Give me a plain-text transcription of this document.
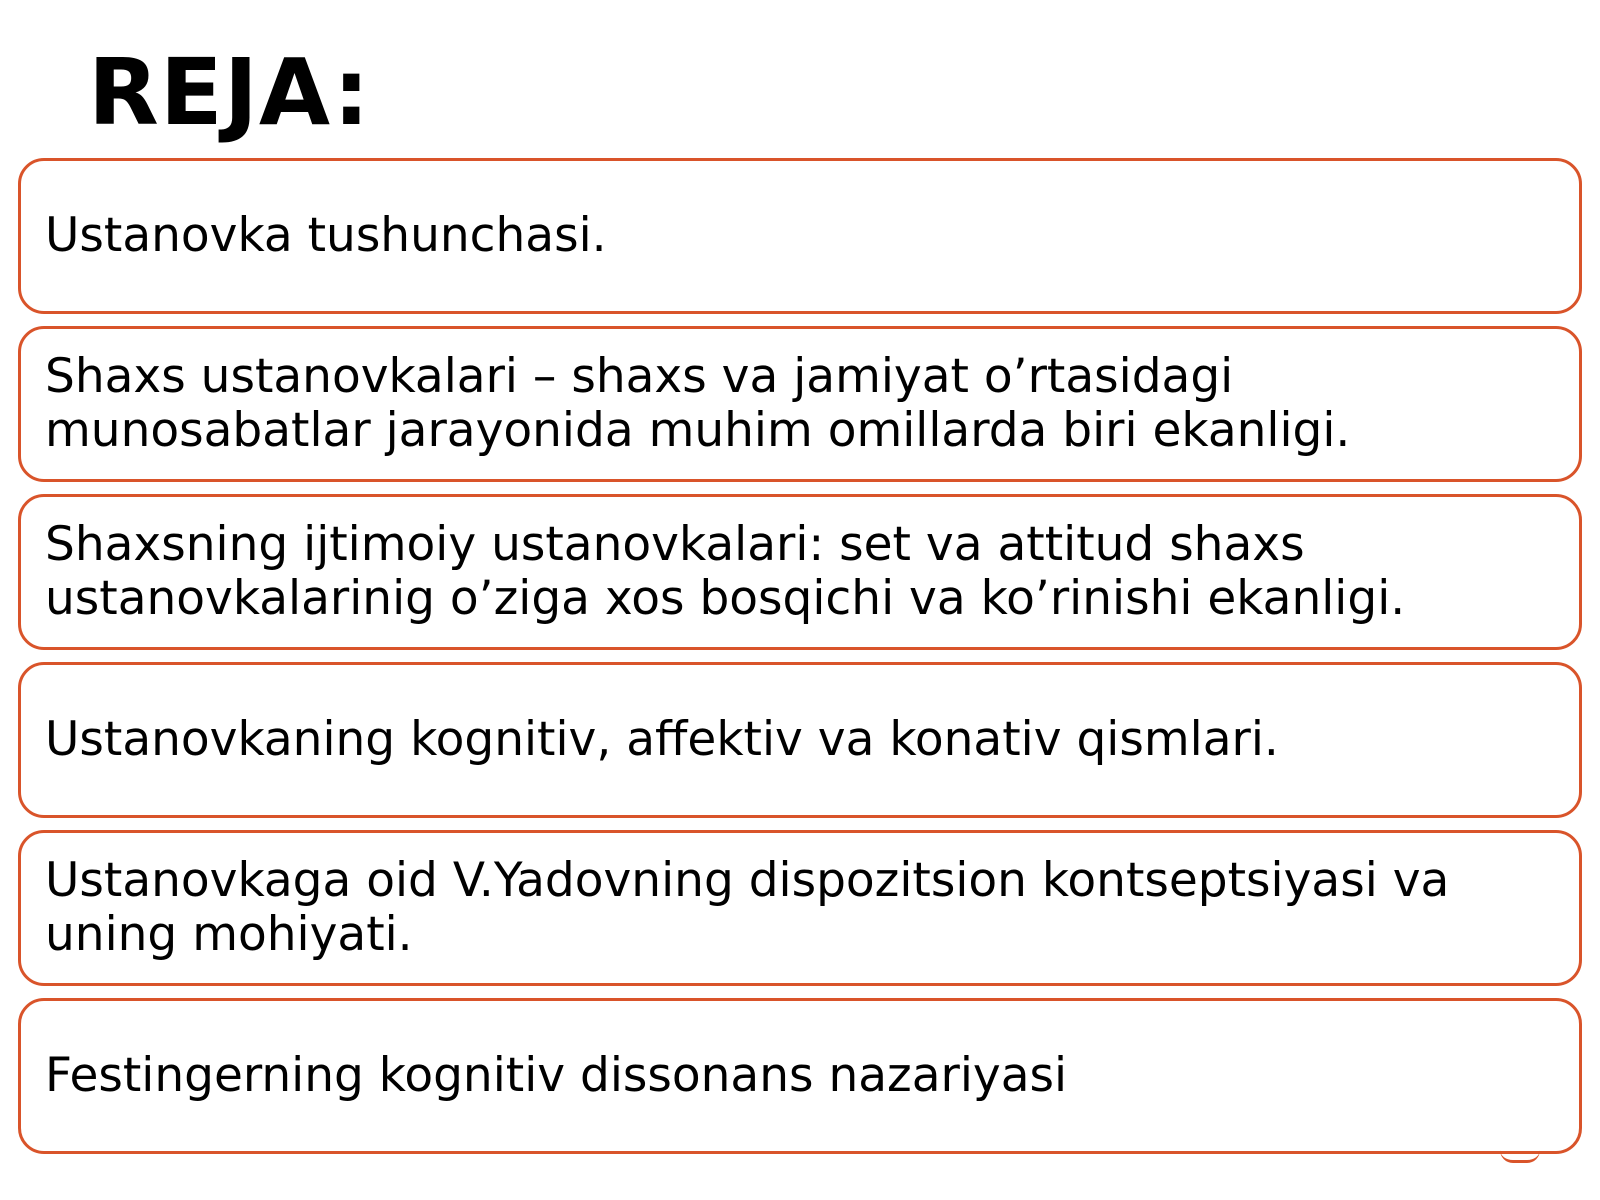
REJA:
Ustanovka tushunchasi.
Shaxs ustanovkalari – shaxs va jamiyat o’rtasidagi munosabatlar jarayonida muhim omillarda biri ekanligi.
Shaxsning ijtimoiy ustanovkalari: set va attitud shaxs ustanovkalarinig o’ziga xos bosqichi va ko’rinishi ekanligi.
Ustanovkaning kognitiv, affektiv va konativ qismlari.
Ustanovkaga oid V.Yadovning dispozitsion kontseptsiyasi va uning mohiyati.
Festingerning kognitiv dissonans nazariyasi
